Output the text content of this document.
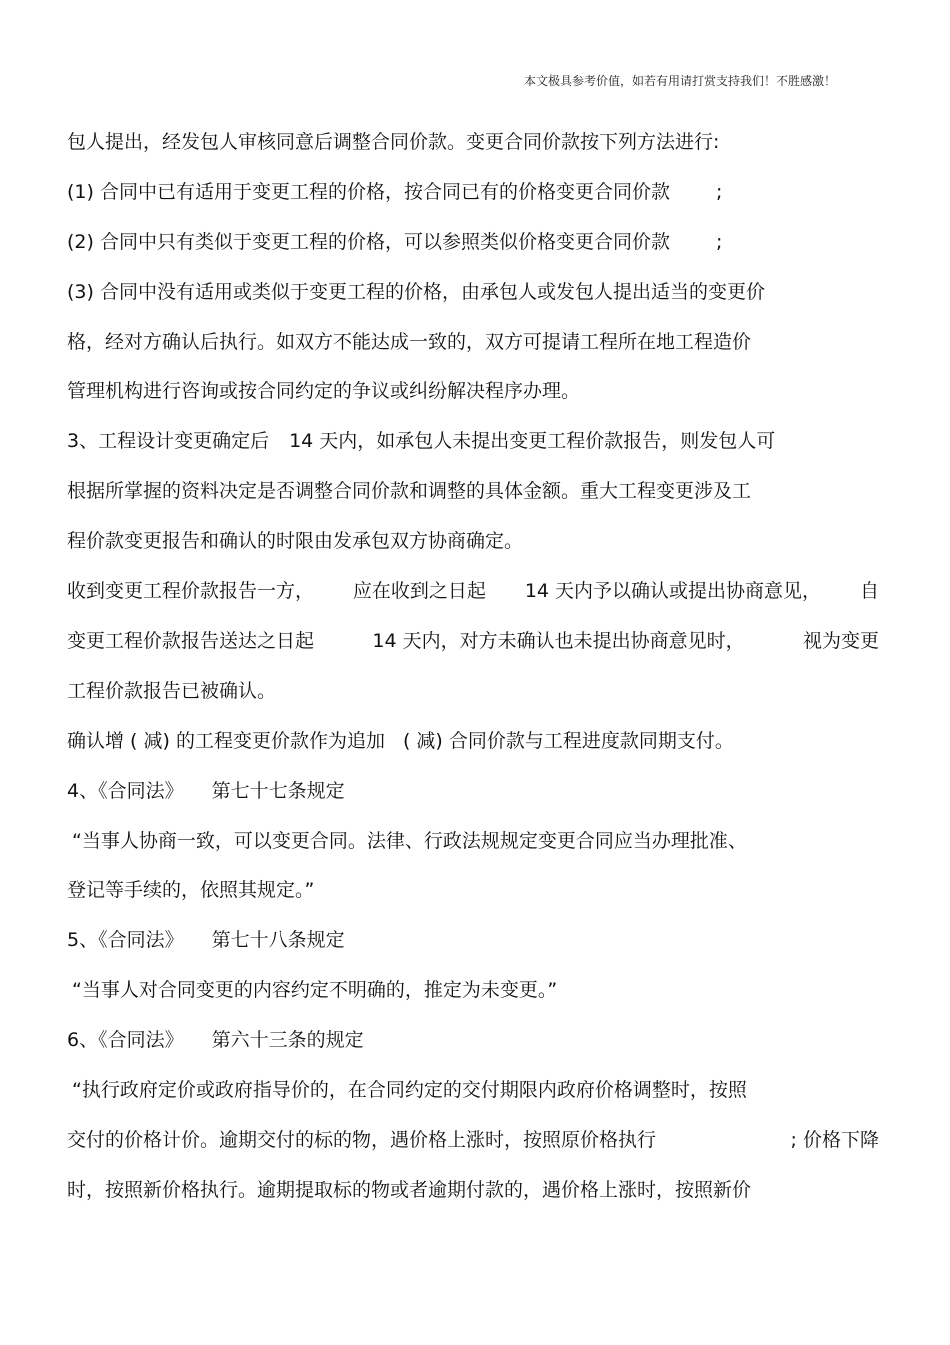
本文极具参考价值，如若有用请打赏支持我们！不胜感激！
包人提出，经发包人审核同意后调整合同价款。变更合同价款按下列方法进行:
(1) 合同中已有适用于变更工程的价格，按合同已有的价格变更合同价款 ;
(2) 合同中只有类似于变更工程的价格，可以参照类似价格变更合同价款 ;
(3) 合同中没有适用或类似于变更工程的价格，由承包人或发包人提出适当的变更价
格，经对方确认后执行。如双方不能达成一致的，双方可提请工程所在地工程造价
管理机构进行咨询或按合同约定的争议或纠纷解决程序办理。
3、工程设计变更确定后 14 天内，如承包人未提出变更工程价款报告，则发包人可
根据所掌握的资料决定是否调整合同价款和调整的具体金额。重大工程变更涉及工
程价款变更报告和确认的时限由发承包双方协商确定。
收到变更工程价款报告一方， 应在收到之日起 14 天内予以确认或提出协商意见， 自
变更工程价款报告送达之日起	14 天内，对方未确认也未提出协商意见时，	视为变更
工程价款报告已被确认。
确认增 ( 减) 的工程变更价款作为追加 ( 减) 合同价款与工程进度款同期支付。
4、《合同法》 第七十七条规定
“当事人协商一致，可以变更合同。法律、行政法规规定变更合同应当办理批准、
登记等手续的，依照其规定。”
5、《合同法》 第七十八条规定
“当事人对合同变更的内容约定不明确的，推定为未变更。”
6、《合同法》 第六十三条的规定
“执行政府定价或政府指导价的，在合同约定的交付期限内政府价格调整时，按照
交付的价格计价。逾期交付的标的物，遇价格上涨时，按照原价格执行	; 价格下降
时，按照新价格执行。逾期提取标的物或者逾期付款的，遇价格上涨时，按照新价
